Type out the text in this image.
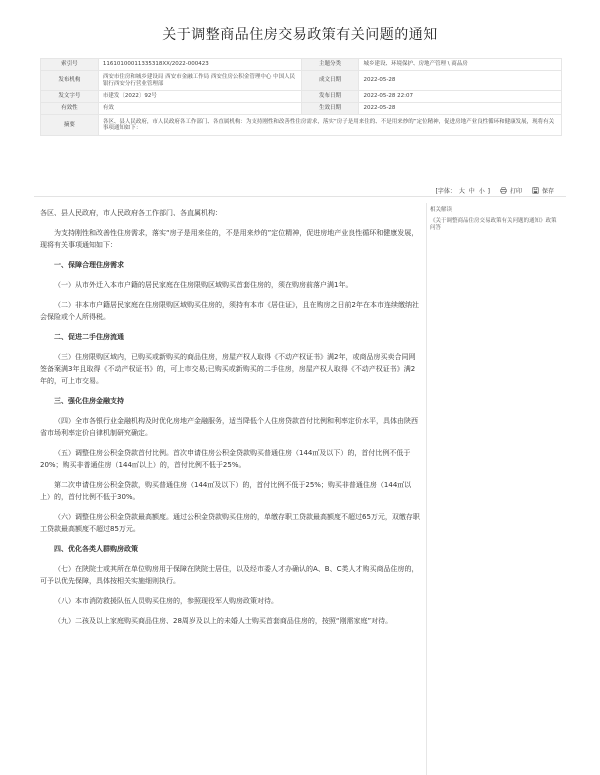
关于调整商品住房交易政策有关问题的通知
索引号	11610100011335318XX/2022-000423	主题分类	城乡建设、环境保护、房地产管理 \ 商品房
发布机构	西安市住房和城乡建设局 西安市金融工作局 西安住房公积金管理中心 中国人民银行西安分行营业管理部	成文日期	2022-05-28
发文字号	市建发〔2022〕92号	发布日期	2022-05-28 22:07
有效性	有效	生效日期	2022-05-28
摘要	各区、县人民政府，市人民政府各工作部门、各直属机构：为支持刚性和改善性住房需求，落实“房子是用来住的、不是用来炒的”定位精神，促进房地产业良性循环和健康发展，现将有关事项通知如下：		
[字体： 大 中 小 ]	打印	保存

各区、县人民政府，市人民政府各工作部门、各直属机构：

为支持刚性和改善性住房需求，落实“房子是用来住的，不是用来炒的”定位精神，促进房地产业良性循环和健康发展，现将有关事项通知如下：

一、保障合理住房需求

（一）从市外迁入本市户籍的居民家庭在住房限购区域购买首套住房的，须在购房前落户满1年。

（二）非本市户籍居民家庭在住房限购区域购买住房的，须持有本市《居住证》，且在购房之日前2年在本市连续缴纳社会保险或个人所得税。

二、促进二手住房流通

（三）住房限购区域内，已购买或新购买的商品住房，房屋产权人取得《不动产权证书》满2年，或商品房买卖合同网签备案满3年且取得《不动产权证书》的，可上市交易;已购买或新购买的二手住房，房屋产权人取得《不动产权证书》满2年的，可上市交易。

三、强化住房金融支持

（四）全市各银行业金融机构及时优化房地产金融服务，适当降低个人住房贷款首付比例和利率定价水平，具体由陕西省市场利率定价自律机制研究确定。

（五）调整住房公积金贷款首付比例。首次申请住房公积金贷款购买普通住房（144㎡及以下）的，首付比例不低于20%；购买非普通住房（144㎡以上）的，首付比例不低于25%。

第二次申请住房公积金贷款，购买普通住房（144㎡及以下）的，首付比例不低于25%；购买非普通住房（144㎡以上）的，首付比例不低于30%。

（六）调整住房公积金贷款最高额度。通过公积金贷款购买住房的，单缴存职工贷款最高额度不超过65万元，双缴存职工贷款最高额度不超过85万元。

四、优化各类人群购房政策

（七）在陕院士或其所在单位购房用于保障在陕院士居住，以及经市委人才办确认的A、B、C类人才购买商品住房的，可予以优先保障，具体按相关实施细则执行。

（八）本市消防救援队伍人员购买住房的，参照现役军人购房政策对待。

（九）二孩及以上家庭购买商品住房、28周岁及以上的未婚人士购买首套商品住房的，按照“刚需家庭”对待。

相关解读
《关于调整商品住房交易政策有关问题的通知》政策问答
